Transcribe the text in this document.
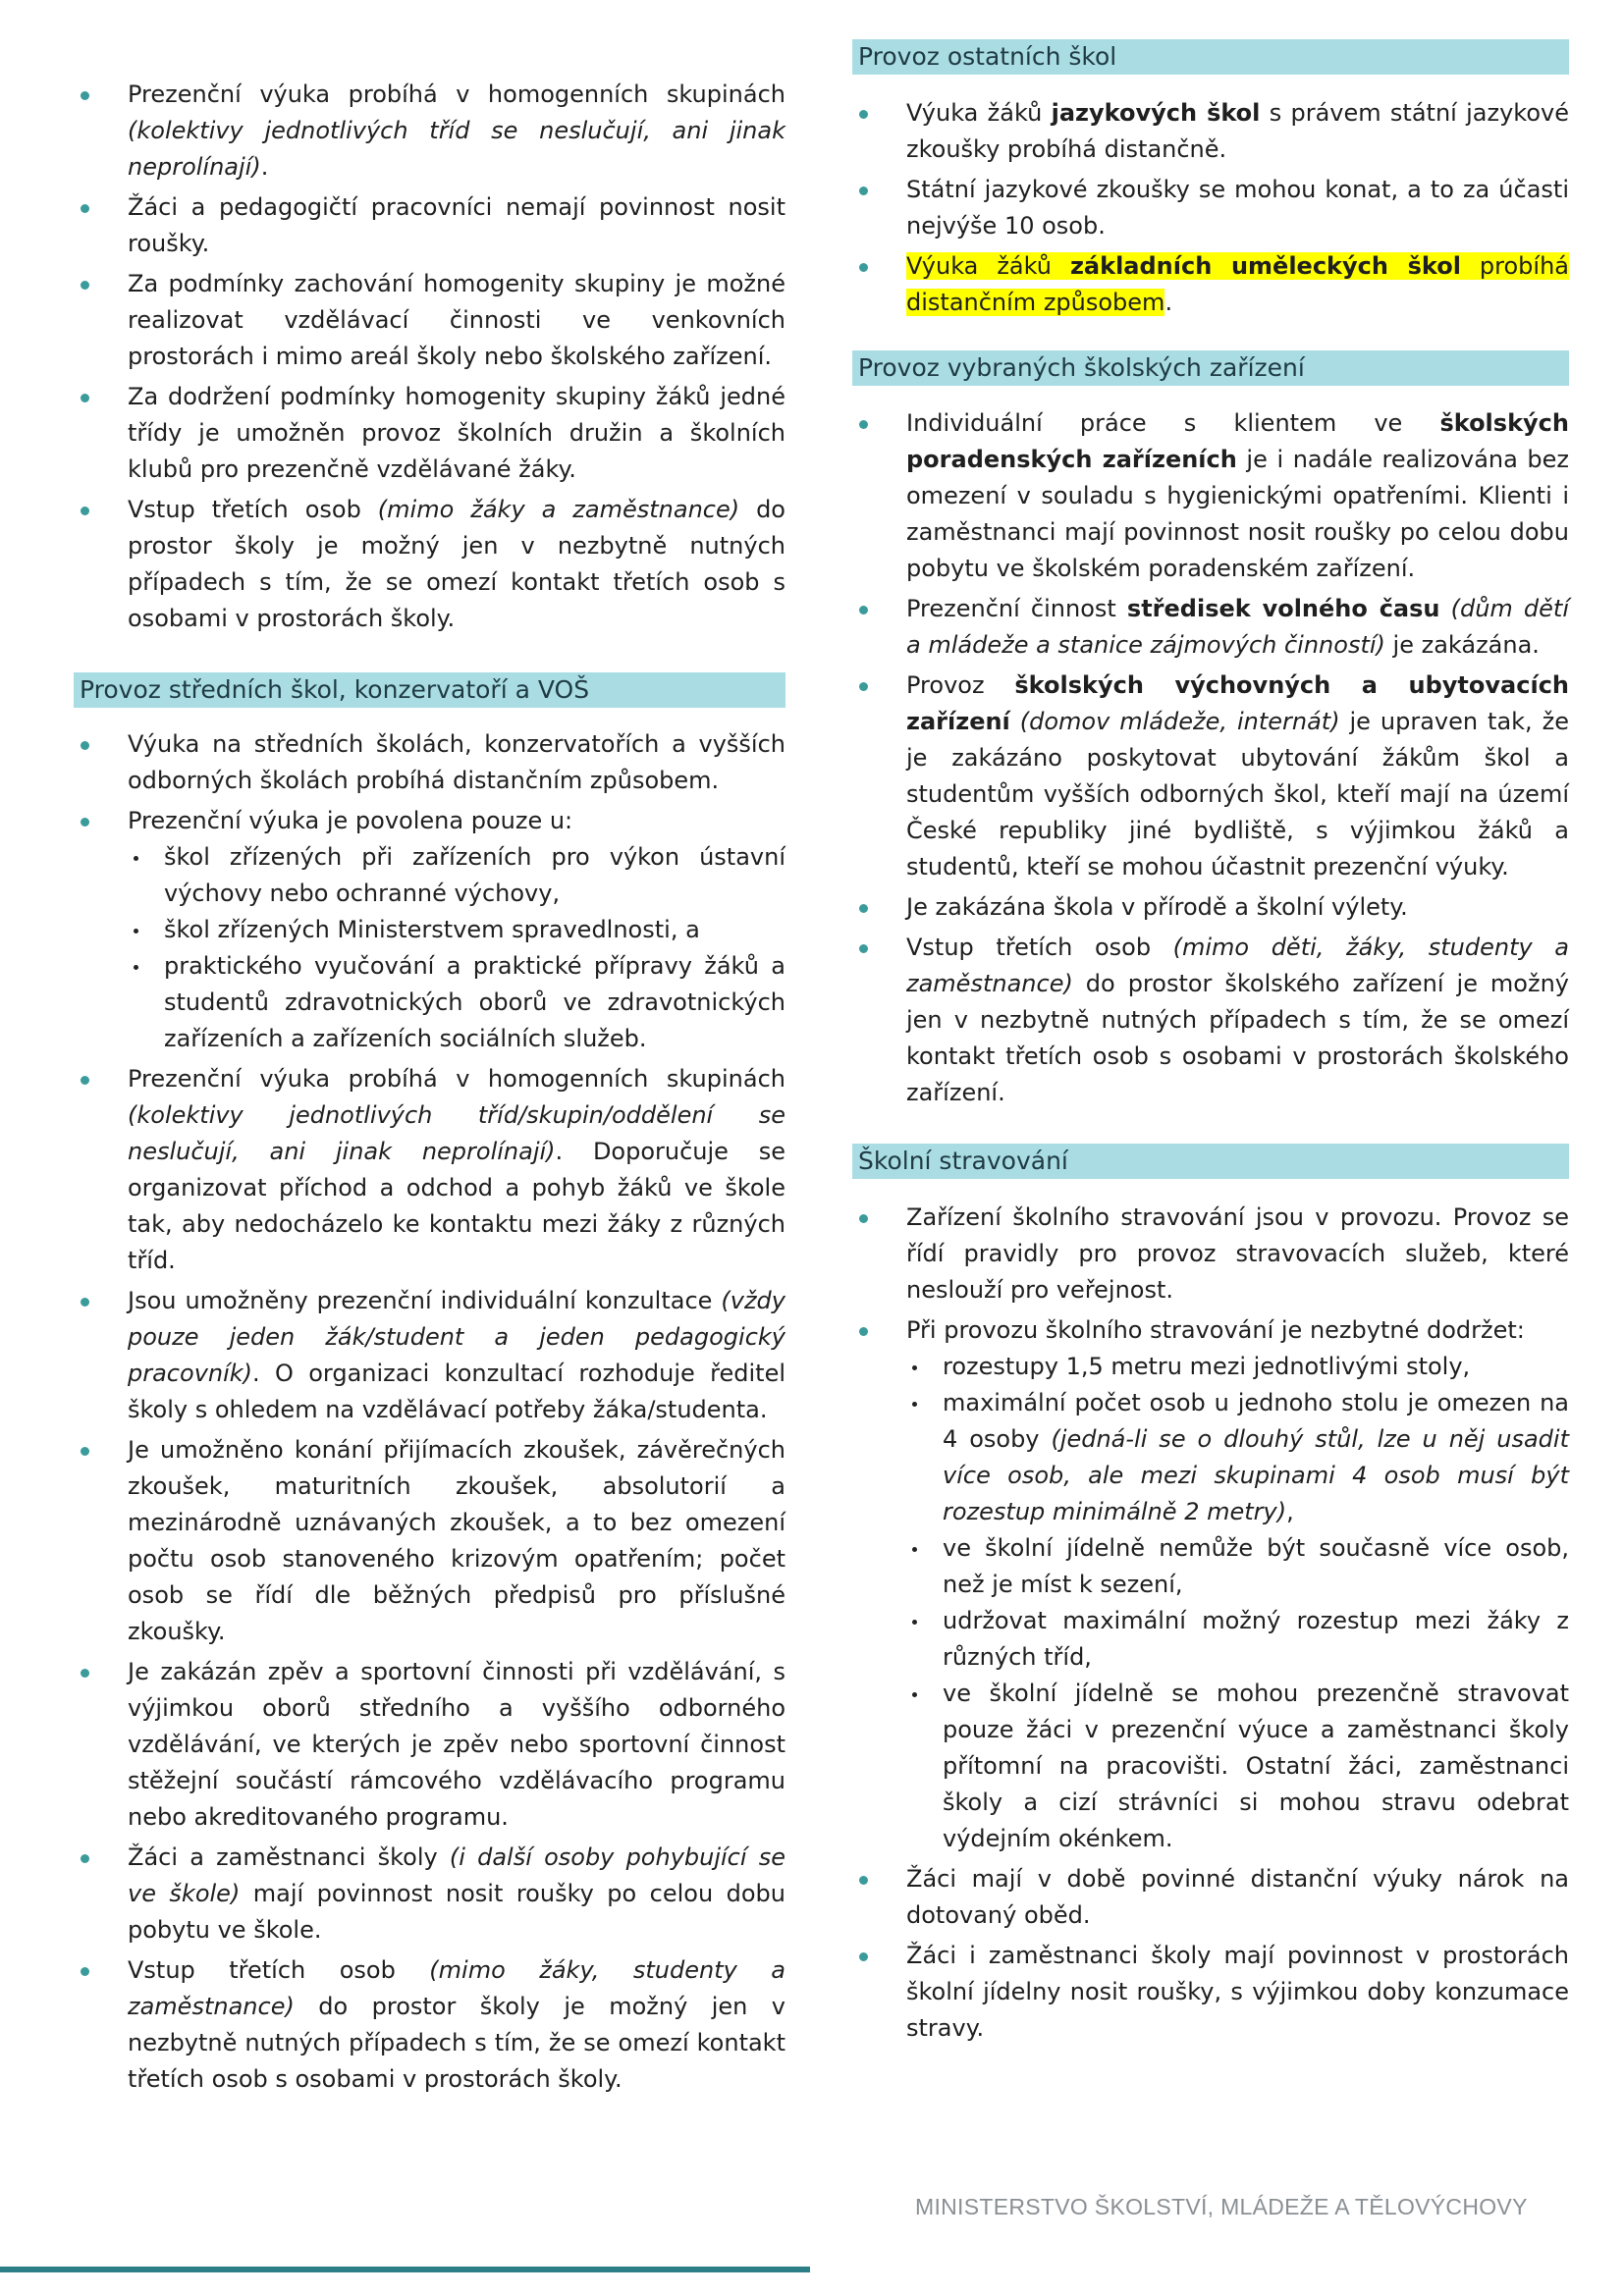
Prezenční výuka probíhá v homogenních skupinách (kolektivy jednotlivých tříd se neslučují, ani jinak neprolínají).
Žáci a pedagogičtí pracovníci nemají povinnost nosit roušky.
Za podmínky zachování homogenity skupiny je možné realizovat vzdělávací činnosti ve venkovních prostorách i mimo areál školy nebo školského zařízení.
Za dodržení podmínky homogenity skupiny žáků jedné třídy je umožněn provoz školních družin a školních klubů pro prezenčně vzdělávané žáky.
Vstup třetích osob (mimo žáky a zaměstnance) do prostor školy je možný jen v nezbytně nutných případech s tím, že se omezí kontakt třetích osob s osobami v prostorách školy.
Provoz středních škol, konzervatoří a VOŠ
Výuka na středních školách, konzervatořích a vyšších odborných školách probíhá distančním způsobem.
Prezenční výuka je povolena pouze u:
škol zřízených při zařízeních pro výkon ústavní výchovy nebo ochranné výchovy,
škol zřízených Ministerstvem spravedlnosti, a
praktického vyučování a praktické přípravy žáků a studentů zdravotnických oborů ve zdravotnických zařízeních a zařízeních sociálních služeb.
Prezenční výuka probíhá v homogenních skupinách (kolektivy jednotlivých tříd/skupin/oddělení se neslučují, ani jinak neprolínají). Doporučuje se organizovat příchod a odchod a pohyb žáků ve škole tak, aby nedocházelo ke kontaktu mezi žáky z různých tříd.
Jsou umožněny prezenční individuální konzultace (vždy pouze jeden žák/student a jeden pedagogický pracovník). O organizaci konzultací rozhoduje ředitel školy s ohledem na vzdělávací potřeby žáka/studenta.
Je umožněno konání přijímacích zkoušek, závěrečných zkoušek, maturitních zkoušek, absolutorií a mezinárodně uznávaných zkoušek, a to bez omezení počtu osob stanoveného krizovým opatřením; počet osob se řídí dle běžných předpisů pro příslušné zkoušky.
Je zakázán zpěv a sportovní činnosti při vzdělávání, s výjimkou oborů středního a vyššího odborného vzdělávání, ve kterých je zpěv nebo sportovní činnost stěžejní součástí rámcového vzdělávacího programu nebo akreditovaného programu.
Žáci a zaměstnanci školy (i další osoby pohybující se ve škole) mají povinnost nosit roušky po celou dobu pobytu ve škole.
Vstup třetích osob (mimo žáky, studenty a zaměstnance) do prostor školy je možný jen v nezbytně nutných případech s tím, že se omezí kontakt třetích osob s osobami v prostorách školy.
Provoz ostatních škol
Výuka žáků jazykových škol s právem státní jazykové zkoušky probíhá distančně.
Státní jazykové zkoušky se mohou konat, a to za účasti nejvýše 10 osob.
Výuka žáků základních uměleckých škol probíhá distančním způsobem.
Provoz vybraných školských zařízení
Individuální práce s klientem ve školských poradenských zařízeních je i nadále realizována bez omezení v souladu s hygienickými opatřeními. Klienti i zaměstnanci mají povinnost nosit roušky po celou dobu pobytu ve školském poradenském zařízení.
Prezenční činnost středisek volného času (dům dětí a mládeže a stanice zájmových činností) je zakázána.
Provoz školských výchovných a ubytovacích zařízení (domov mládeže, internát) je upraven tak, že je zakázáno poskytovat ubytování žákům škol a studentům vyšších odborných škol, kteří mají na území České republiky jiné bydliště, s výjimkou žáků a studentů, kteří se mohou účastnit prezenční výuky.
Je zakázána škola v přírodě a školní výlety.
Vstup třetích osob (mimo děti, žáky, studenty a zaměstnance) do prostor školského zařízení je možný jen v nezbytně nutných případech s tím, že se omezí kontakt třetích osob s osobami v prostorách školského zařízení.
Školní stravování
Zařízení školního stravování jsou v provozu. Provoz se řídí pravidly pro provoz stravovacích služeb, které neslouží pro veřejnost.
Při provozu školního stravování je nezbytné dodržet:
rozestupy 1,5 metru mezi jednotlivými stoly,
maximální počet osob u jednoho stolu je omezen na 4 osoby (jedná-li se o dlouhý stůl, lze u něj usadit více osob, ale mezi skupinami 4 osob musí být rozestup minimálně 2 metry),
ve školní jídelně nemůže být současně více osob, než je míst k sezení,
udržovat maximální možný rozestup mezi žáky z různých tříd,
ve školní jídelně se mohou prezenčně stravovat pouze žáci v prezenční výuce a zaměstnanci školy přítomní na pracovišti. Ostatní žáci, zaměstnanci školy a cizí strávníci si mohou stravu odebrat výdejním okénkem.
Žáci mají v době povinné distanční výuky nárok na dotovaný oběd.
Žáci i zaměstnanci školy mají povinnost v prostorách školní jídelny nosit roušky, s výjimkou doby konzumace stravy.
MINISTERSTVO ŠKOLSTVÍ, MLÁDEŽE A TĚLOVÝCHOVY
